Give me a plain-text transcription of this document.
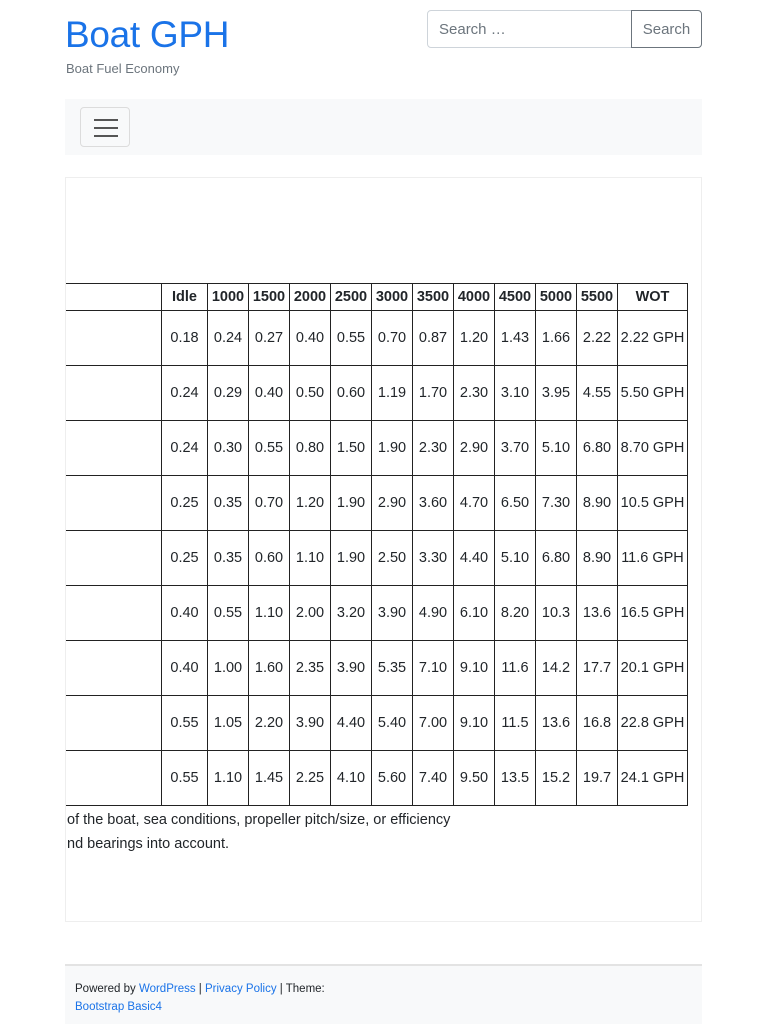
Boat GPH
Boat Fuel Economy
Search …
Search
	Idle	1000	1500	2000	2500	3000	3500	4000	4500	5000	5500	WOT
	0.18	0.24	0.27	0.40	0.55	0.70	0.87	1.20	1.43	1.66	2.22	2.22 GPH
	0.24	0.29	0.40	0.50	0.60	1.19	1.70	2.30	3.10	3.95	4.55	5.50 GPH
	0.24	0.30	0.55	0.80	1.50	1.90	2.30	2.90	3.70	5.10	6.80	8.70 GPH
	0.25	0.35	0.70	1.20	1.90	2.90	3.60	4.70	6.50	7.30	8.90	10.5 GPH
	0.25	0.35	0.60	1.10	1.90	2.50	3.30	4.40	5.10	6.80	8.90	11.6 GPH
	0.40	0.55	1.10	2.00	3.20	3.90	4.90	6.10	8.20	10.3	13.6	16.5 GPH
	0.40	1.00	1.60	2.35	3.90	5.35	7.10	9.10	11.6	14.2	17.7	20.1 GPH
	0.55	1.05	2.20	3.90	4.40	5.40	7.00	9.10	11.5	13.6	16.8	22.8 GPH
	0.55	1.10	1.45	2.25	4.10	5.60	7.40	9.50	13.5	15.2	19.7	24.1 GPH
of the boat, sea conditions, propeller pitch/size, or efficiency
nd bearings into account.
Powered by WordPress | Privacy Policy | Theme:
Bootstrap Basic4
